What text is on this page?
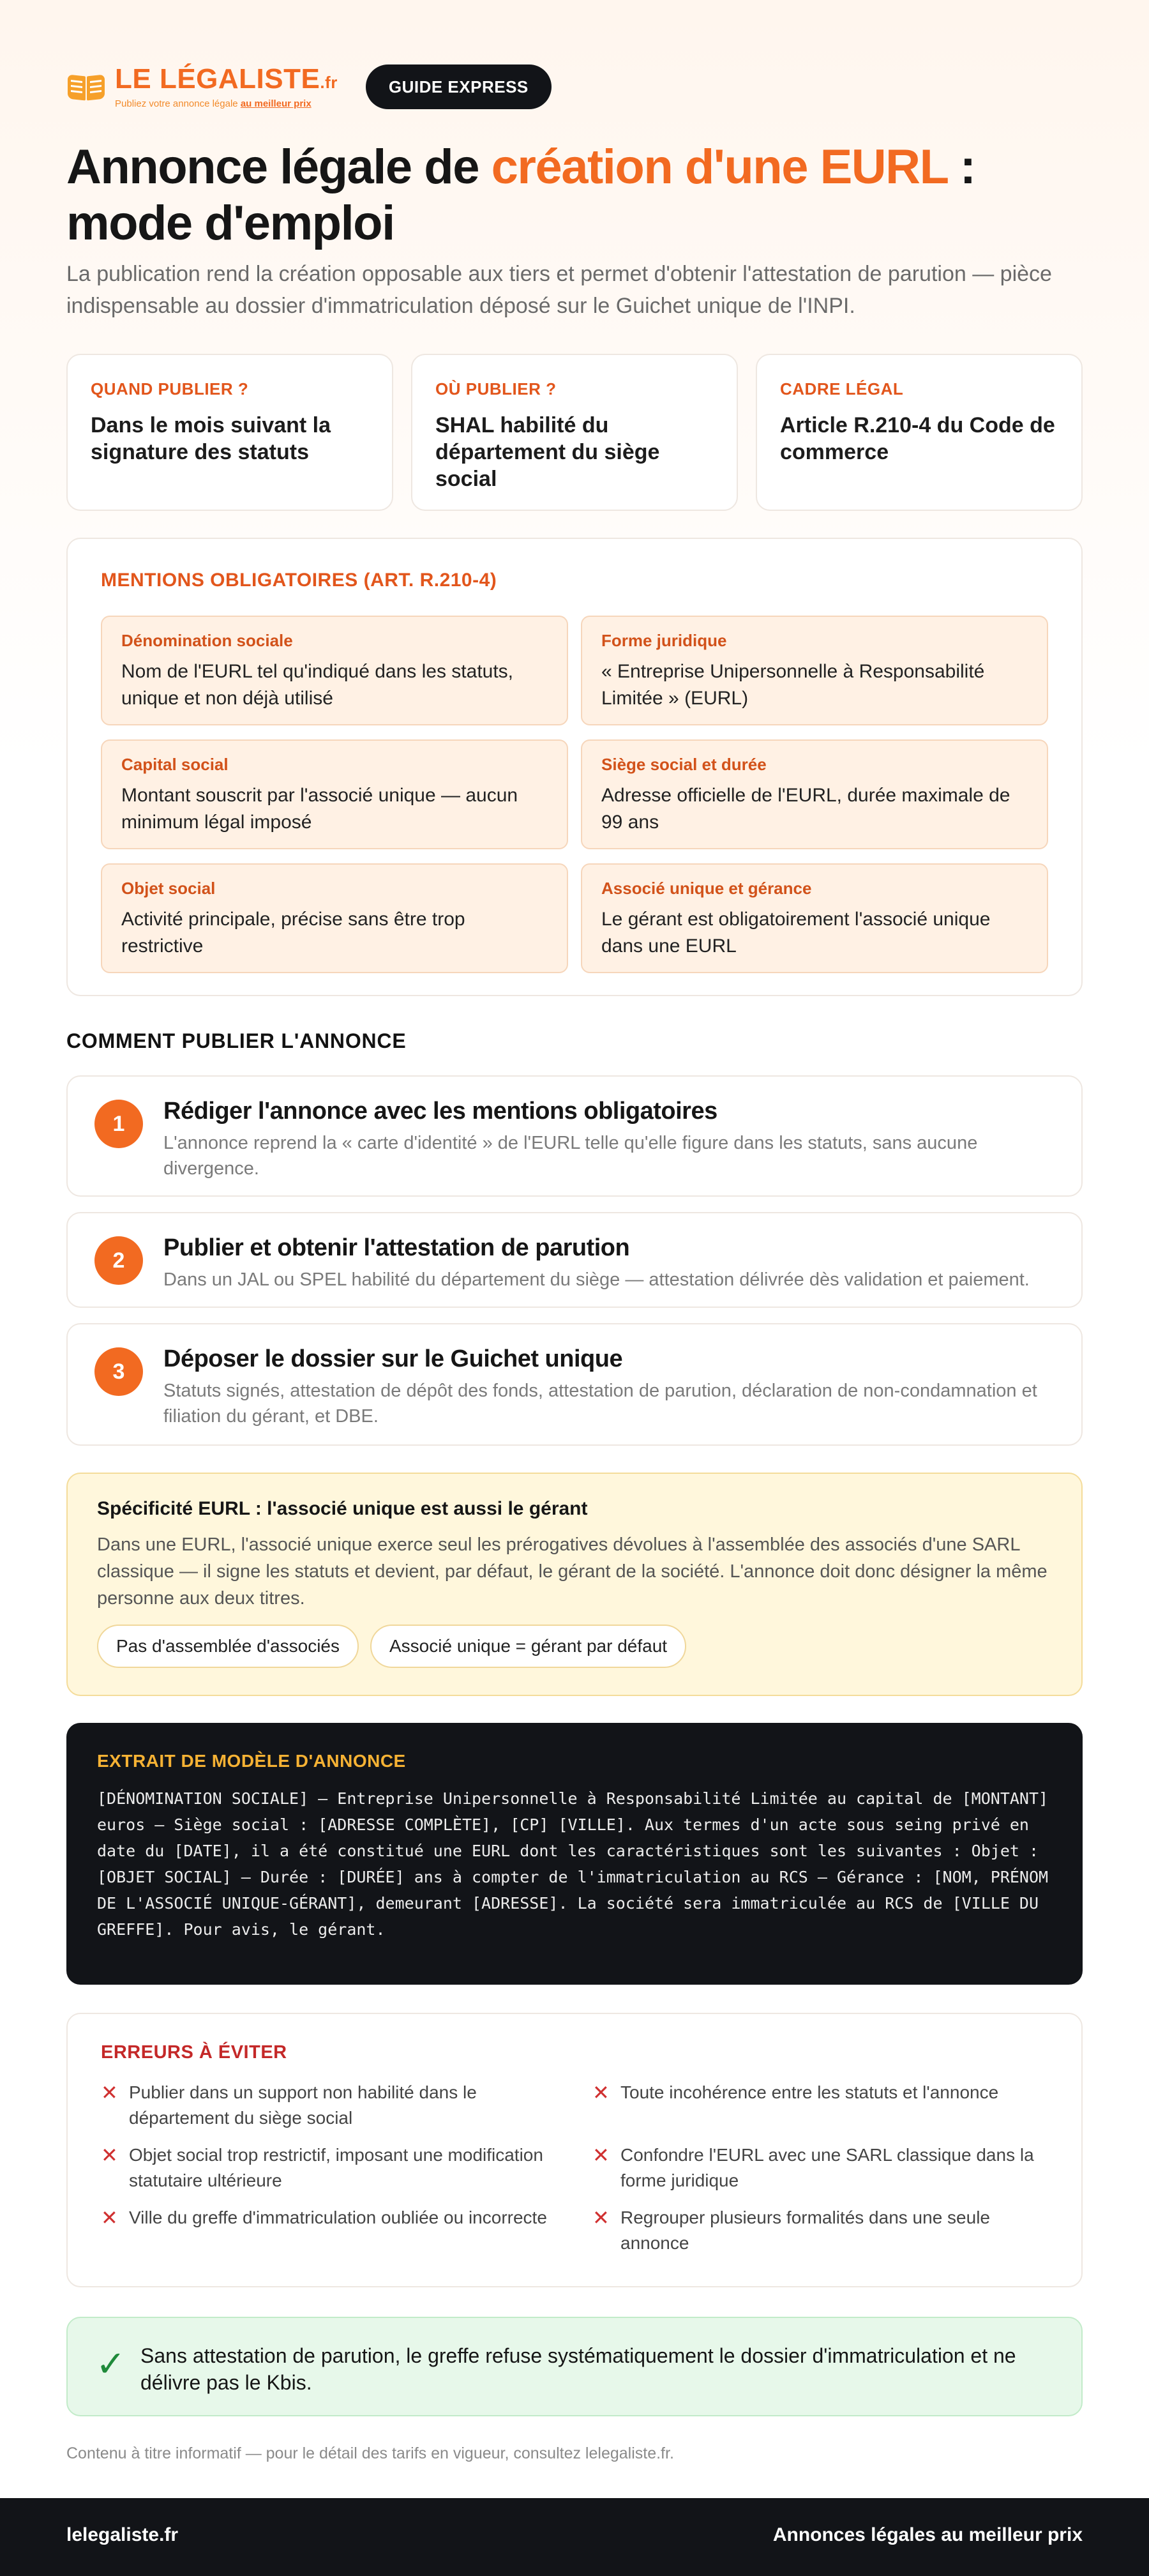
LE LÉGALISTE.fr
Publiez votre annonce légale au meilleur prix
GUIDE EXPRESS
Annonce légale de création d'une EURL : mode d'emploi

La publication rend la création opposable aux tiers et permet d'obtenir l'attestation de parution — pièce indispensable au dossier d'immatriculation déposé sur le Guichet unique de l'INPI.

QUAND PUBLIER ?
Dans le mois suivant la signature des statuts
OÙ PUBLIER ?
SHAL habilité du département du siège social
CADRE LÉGAL
Article R.210-4 du Code de commerce
MENTIONS OBLIGATOIRES (ART. R.210-4)
Dénomination sociale
Nom de l'EURL tel qu'indiqué dans les statuts, unique et non déjà utilisé
Forme juridique
« Entreprise Unipersonnelle à Responsabilité Limitée » (EURL)
Capital social
Montant souscrit par l'associé unique — aucun minimum légal imposé
Siège social et durée
Adresse officielle de l'EURL, durée maximale de 99 ans
Objet social
Activité principale, précise sans être trop restrictive
Associé unique et gérance
Le gérant est obligatoirement l'associé unique dans une EURL
COMMENT PUBLIER L'ANNONCE
1	Rédiger l'annonce avec les mentions obligatoires
L'annonce reprend la « carte d'identité » de l'EURL telle qu'elle figure dans les statuts, sans aucune divergence.
2	Publier et obtenir l'attestation de parution
Dans un JAL ou SPEL habilité du département du siège — attestation délivrée dès validation et paiement.
3	Déposer le dossier sur le Guichet unique
Statuts signés, attestation de dépôt des fonds, attestation de parution, déclaration de non-condamnation et filiation du gérant, et DBE.
Spécificité EURL : l'associé unique est aussi le gérant
Dans une EURL, l'associé unique exerce seul les prérogatives dévolues à l'assemblée des associés d'une SARL classique — il signe les statuts et devient, par défaut, le gérant de la société. L'annonce doit donc désigner la même personne aux deux titres.
Pas d'assemblée d'associés	Associé unique = gérant par défaut
EXTRAIT DE MODÈLE D'ANNONCE
[DÉNOMINATION SOCIALE] — Entreprise Unipersonnelle à Responsabilité Limitée au capital de [MONTANT] euros — Siège social : [ADRESSE COMPLÈTE], [CP] [VILLE]. Aux termes d'un acte sous seing privé en date du [DATE], il a été constitué une EURL dont les caractéristiques sont les suivantes : Objet : [OBJET SOCIAL] — Durée : [DURÉE] ans à compter de l'immatriculation au RCS — Gérance : [NOM, PRÉNOM DE L'ASSOCIÉ UNIQUE-GÉRANT], demeurant [ADRESSE]. La société sera immatriculée au RCS de [VILLE DU GREFFE]. Pour avis, le gérant.
ERREURS À ÉVITER
✕ Publier dans un support non habilité dans le département du siège social
✕ Toute incohérence entre les statuts et l'annonce
✕ Objet social trop restrictif, imposant une modification statutaire ultérieure
✕ Confondre l'EURL avec une SARL classique dans la forme juridique
✕ Ville du greffe d'immatriculation oubliée ou incorrecte ✕ Regrouper plusieurs formalités dans une seule annonce
✓ Sans attestation de parution, le greffe refuse systématiquement le dossier d'immatriculation et ne délivre pas le Kbis.
Contenu à titre informatif — pour le détail des tarifs en vigueur, consultez lelegaliste.fr.
lelegaliste.fr	Annonces légales au meilleur prix
